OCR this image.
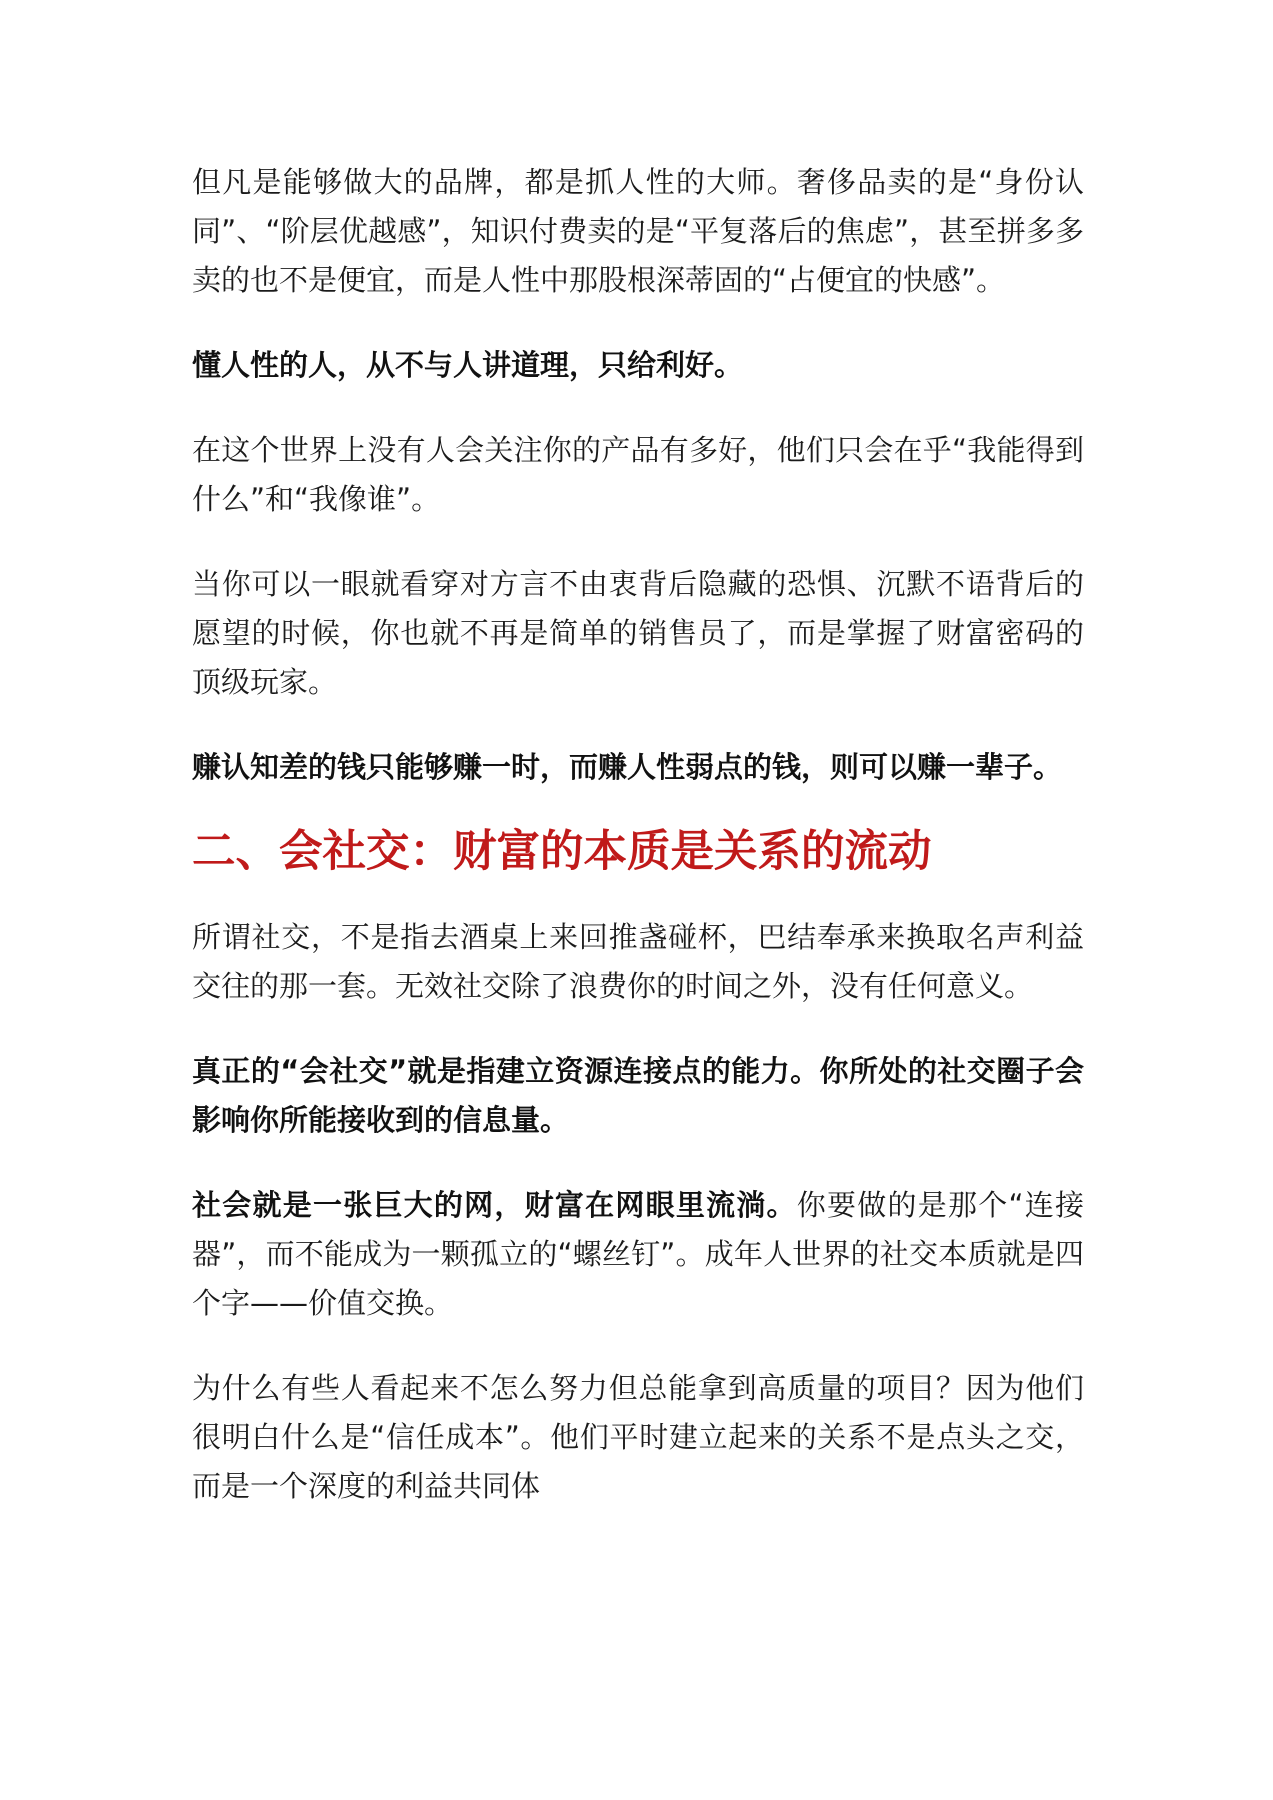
但凡是能够做大的品牌，都是抓人性的大师。奢侈品卖的是“身份认同”、“阶层优越感”，知识付费卖的是“平复落后的焦虑”，甚至拼多多卖的也不是便宜，而是人性中那股根深蒂固的“占便宜的快感”。

懂人性的人，从不与人讲道理，只给利好。

在这个世界上没有人会关注你的产品有多好，他们只会在乎“我能得到什么”和“我像谁”。

当你可以一眼就看穿对方言不由衷背后隐藏的恐惧、沉默不语背后的愿望的时候，你也就不再是简单的销售员了，而是掌握了财富密码的顶级玩家。

赚认知差的钱只能够赚一时，而赚人性弱点的钱，则可以赚一辈子。

二、会社交：财富的本质是关系的流动

所谓社交，不是指去酒桌上来回推盏碰杯，巴结奉承来换取名声利益交往的那一套。无效社交除了浪费你的时间之外，没有任何意义。

真正的“会社交”就是指建立资源连接点的能力。你所处的社交圈子会影响你所能接收到的信息量。

社会就是一张巨大的网，财富在网眼里流淌。你要做的是那个“连接器”，而不能成为一颗孤立的“螺丝钉”。成年人世界的社交本质就是四个字——价值交换。

为什么有些人看起来不怎么努力但总能拿到高质量的项目？因为他们很明白什么是“信任成本”。他们平时建立起来的关系不是点头之交，而是一个深度的利益共同体
